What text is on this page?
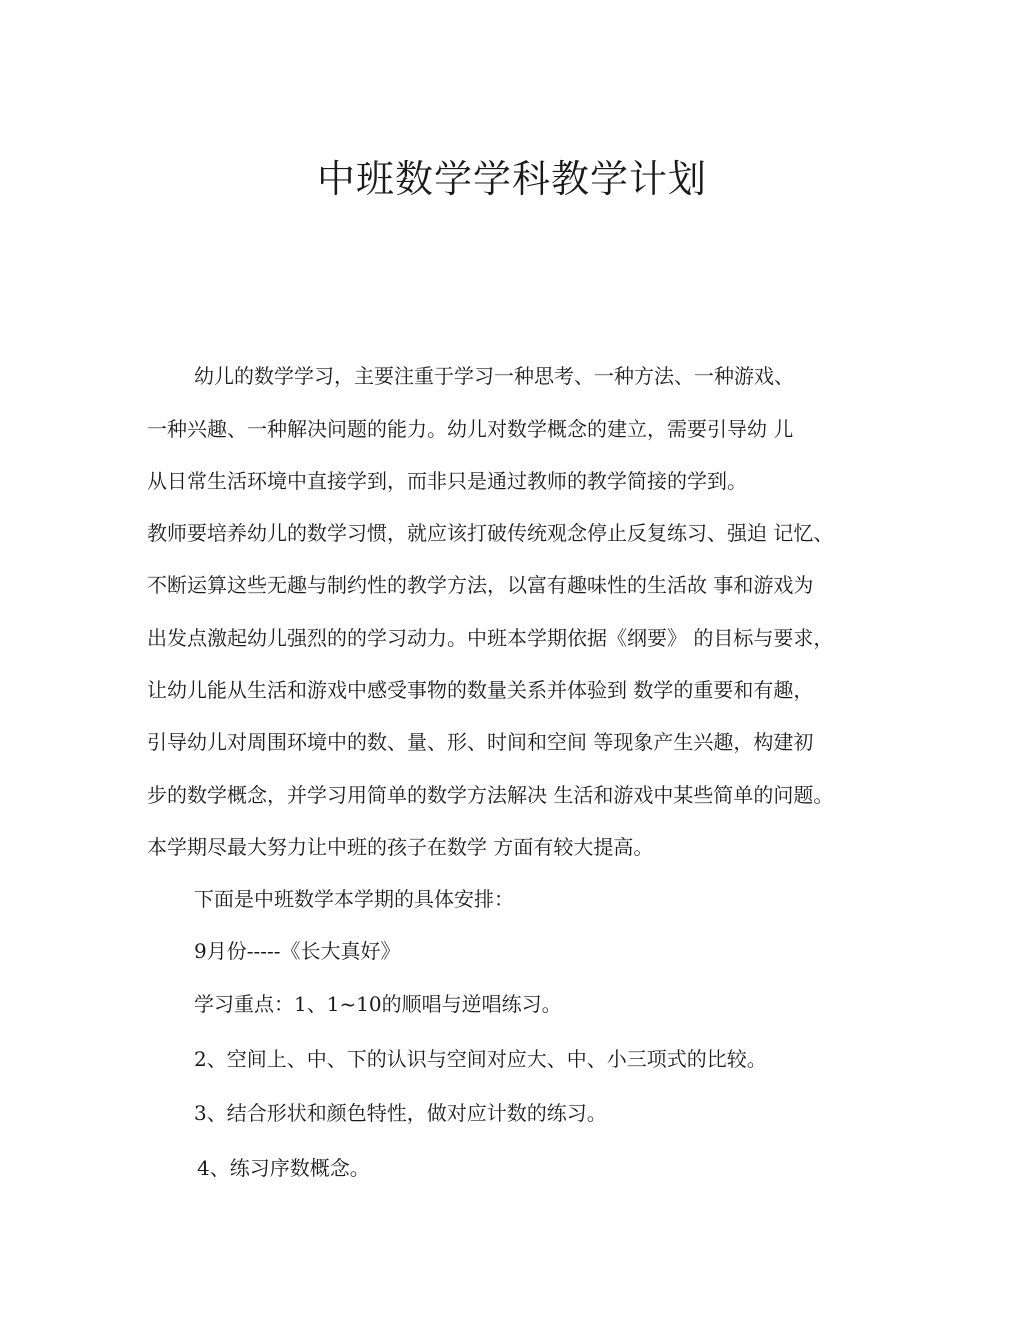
中班数学学科教学计划
幼儿的数学学习，主要注重于学习一种思考、一种方法、一种游戏、
一种兴趣、一种解决问题的能力。幼儿对数学概念的建立，需要引导幼 儿
从日常生活环境中直接学到，而非只是通过教师的教学简接的学到。
教师要培养幼儿的数学习惯，就应该打破传统观念停止反复练习、强迫 记忆、
不断运算这些无趣与制约性的教学方法，以富有趣味性的生活故 事和游戏为
出发点激起幼儿强烈的的学习动力。中班本学期依据《纲要》 的目标与要求，
让幼儿能从生活和游戏中感受事物的数量关系并体验到 数学的重要和有趣，
引导幼儿对周围环境中的数、量、形、时间和空间 等现象产生兴趣，构建初
步的数学概念，并学习用简单的数学方法解决 生活和游戏中某些简单的问题。
本学期尽最大努力让中班的孩子在数学 方面有较大提高。
下面是中班数学本学期的具体安排：
9月份-----《长大真好》
学习重点：1、1~10的顺唱与逆唱练习。
2、空间上、中、下的认识与空间对应大、中、小三项式的比较。
3、结合形状和颜色特性，做对应计数的练习。
4、练习序数概念。
